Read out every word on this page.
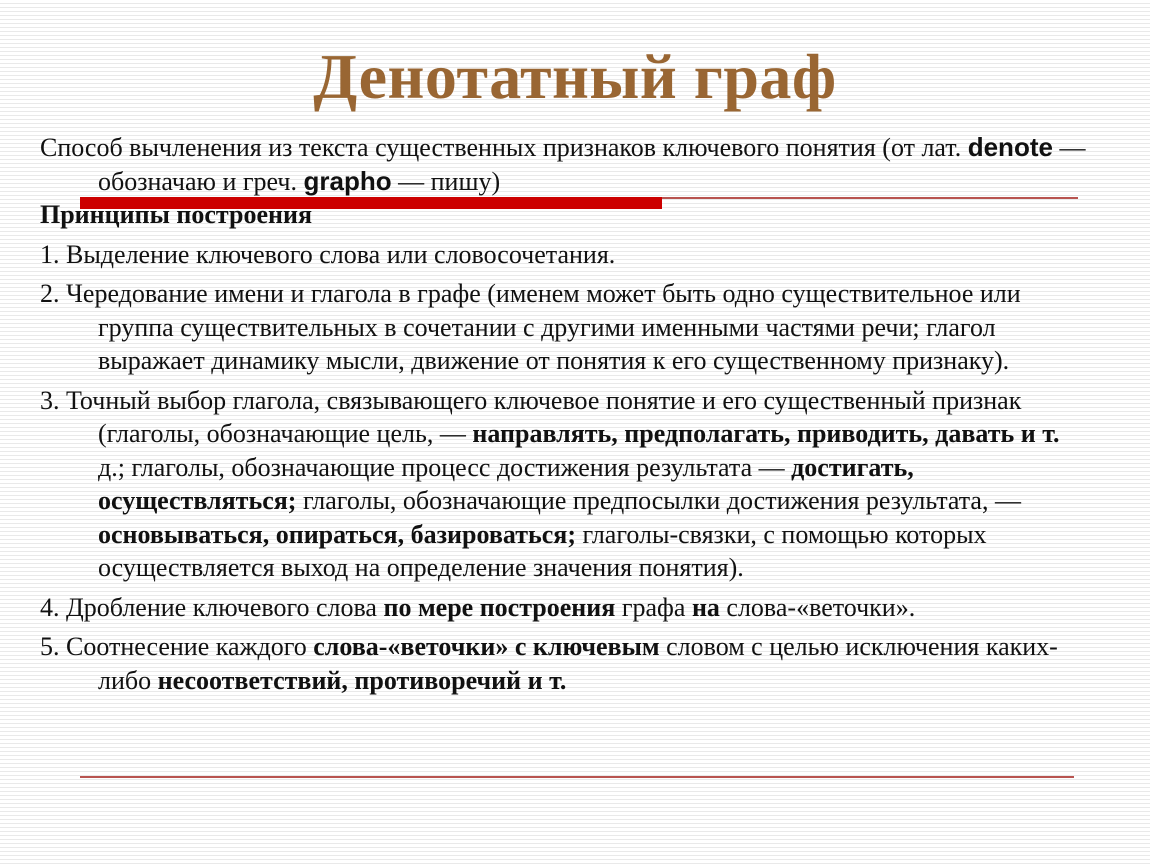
Денотатный граф

Способ вычленения из текста существенных признаков ключевого понятия (от лат. denote — обозначаю и греч. grapho — пишу)

Принципы построения

1. Выделение ключевого слова или словосочетания.

2. Чередование имени и глагола в графе (именем может быть одно существительное или группа существительных в сочетании с другими именными частями речи; глагол выражает динамику мысли, движение от понятия к его существенному признаку).

3. Точный выбор глагола, связывающего ключевое понятие и его существенный признак (глаголы, обозначающие цель, — направлять, предполагать, приводить, давать и т. д.; глаголы, обозначающие процесс достижения результата — достигать, осуществляться; глаголы, обозначающие предпосылки достижения результата, — основываться, опираться, базироваться; глаголы-связки, с помощью которых осуществляется выход на определение значения понятия).

4. Дробление ключевого слова по мере построения графа на слова-«веточки».

5. Соотнесение каждого слова-«веточки» с ключевым словом с целью исключения каких-либо несоответствий, противоречий и т.
